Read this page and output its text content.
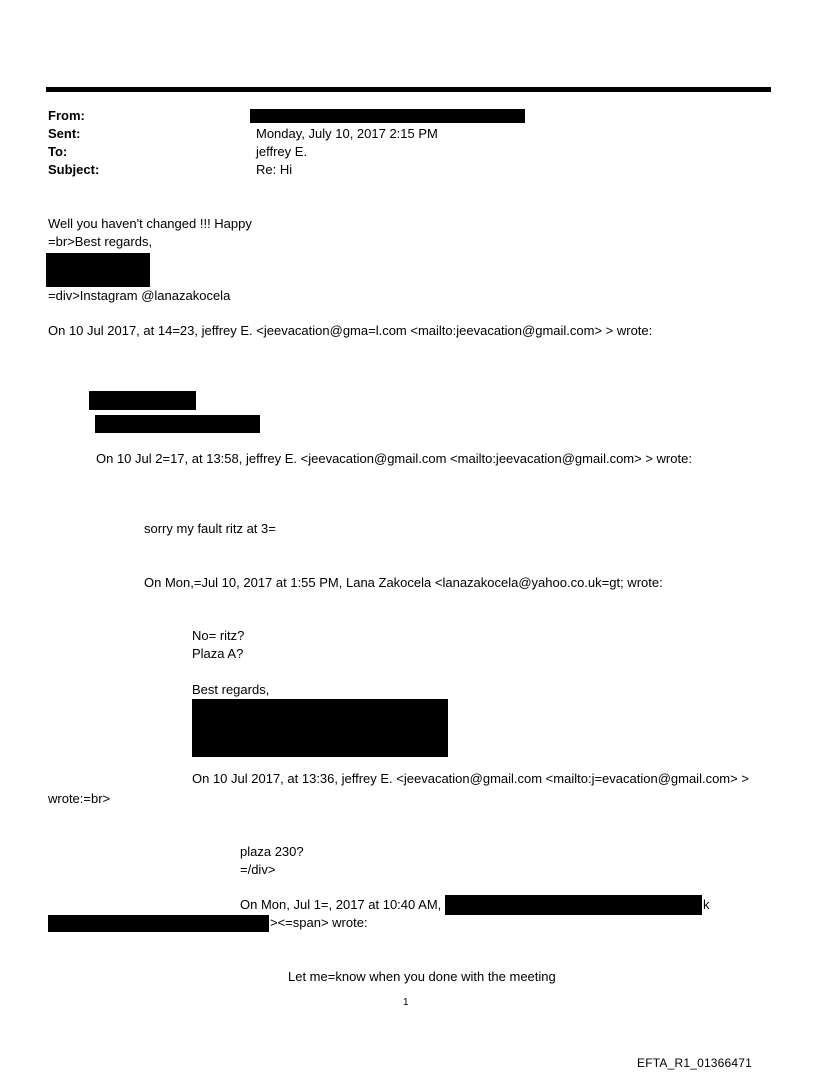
From:
Sent:	Monday, July 10, 2017 2:15 PM
To:	jeffrey E.
Subject:	Re: Hi
Well you haven't changed !!! Happy
=br>Best regards,
=div>Instagram @lanazakocela
On 10 Jul 2017, at 14=23, jeffrey E. <jeevacation@gma=l.com <mailto:jeevacation@gmail.com> > wrote:
On 10 Jul 2=17, at 13:58, jeffrey E. <jeevacation@gmail.com <mailto:jeevacation@gmail.com> > wrote:
sorry my fault ritz at 3=
On Mon,=Jul 10, 2017 at 1:55 PM, Lana Zakocela <lanazakocela@yahoo.co.uk=gt; wrote:
No= ritz?
Plaza A?
Best regards,
On 10 Jul 2017, at 13:36, jeffrey E. <jeevacation@gmail.com <mailto:j=evacation@gmail.com> >
wrote:=br>
plaza 230?
=/div>
On Mon, Jul 1=, 2017 at 10:40 AM,	k
><=span> wrote:
Let me=know when you done with the meeting
1
EFTA_R1_01366471
